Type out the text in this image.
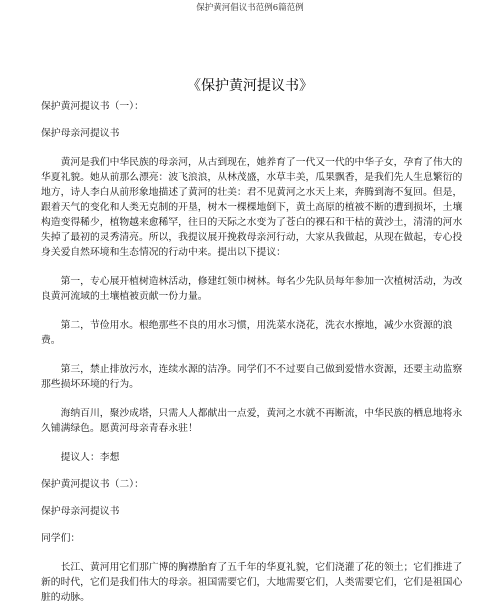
保护黄河倡议书范例6篇范例
《保护黄河提议书》

保护黄河提议书（一）：

保护母亲河提议书

黄河是我们中华民族的母亲河，从古到现在，她养育了一代又一代的中华子女，孕育了伟大的华夏礼貌。她从前那么漂亮：波飞浪浪，从林茂盛，水草丰美，瓜果飘香，是我们先人生息繁衍的地方，诗人李白从前形象地描述了黄河的壮美：君不见黄河之水天上来，奔腾到海不复回。但是，跟着天气的变化和人类无克制的开垦，树木一棵棵地倒下，黄土高原的植被不断的遭到损坏，土壤构造变得稀少，植物越来愈稀罕，往日的天际之水变为了苍白的裸石和干枯的黄沙土，清清的河水失掉了最初的灵秀清亮。所以，我提议展开挽救母亲河行动，大家从我做起，从现在做起，专心投身关爱自然环境和生态情况的行动中来。提出以下提议：

第一，专心展开植树造林活动，修建红领巾树林。每名少先队员每年参加一次植树活动，为改良黄河流域的土壤植被贡献一份力量。

第二，节俭用水。根绝那些不良的用水习惯，用洗菜水浇花，洗衣水擦地，减少水资源的浪费。

第三，禁止排放污水，连续水源的洁净。同学们不不过要自己做到爱惜水资源，还要主动监察那些损坏环境的行为。

海纳百川，聚沙成塔，只需人人都献出一点爱，黄河之水就不再断流，中华民族的栖息地将永久铺满绿色。愿黄河母亲青春永驻！

提议人：李想

保护黄河提议书（二）：

保护母亲河提议书

同学们：

长江、黄河用它们那广博的胸襟胎育了五千年的华夏礼貌，它们浇灌了花的领土；它们推进了新的时代，它们是我们伟大的母亲。祖国需要它们，大地需要它们，人类需要它们，它们是祖国心脏的动脉。
